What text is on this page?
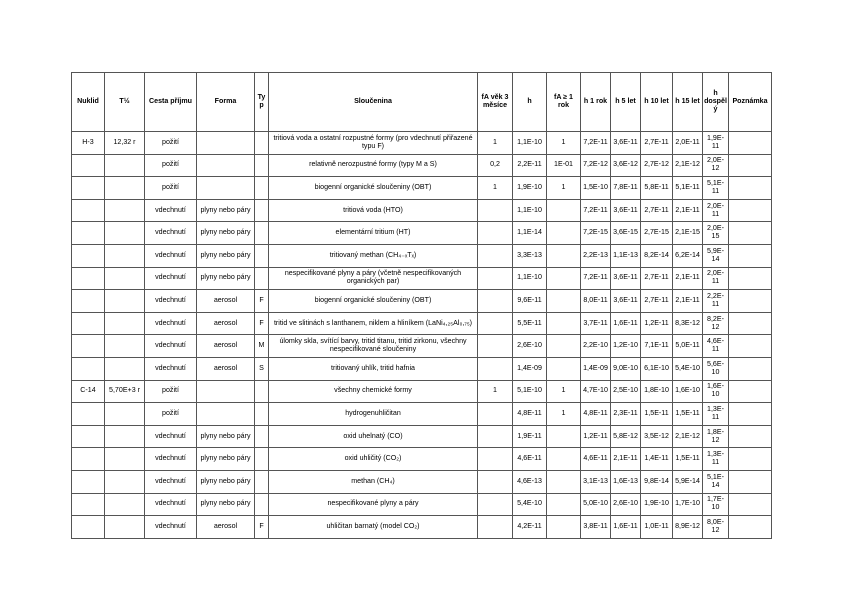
Nuklid	T½	Cesta příjmu	Forma	Typ	Sloučenina	fA věk 3 měsíce	h	fA ≥ 1 rok	h 1 rok	h 5 let	h 10 let	h 15 let	h dospělý	Poznámka
H-3	12,32 r	požití			tritiová voda a ostatní rozpustné formy (pro vdechnutí přiřazené typu F)	1	1,1E-10	1	7,2E-11	3,6E-11	2,7E-11	2,0E-11	1,9E-11	
		požití			relativně nerozpustné formy (typy M a S)	0,2	2,2E-11	1E-01	7,2E-12	3,6E-12	2,7E-12	2,1E-12	2,0E-12	
		požití			biogenní organické sloučeniny (OBT)	1	1,9E-10	1	1,5E-10	7,8E-11	5,8E-11	5,1E-11	5,1E-11	
		vdechnutí	plyny nebo páry		tritiová voda (HTO)		1,1E-10		7,2E-11	3,6E-11	2,7E-11	2,1E-11	2,0E-11	
		vdechnutí	plyny nebo páry		elementární tritium (HT)		1,1E-14		7,2E-15	3,6E-15	2,7E-15	2,1E-15	2,0E-15	
		vdechnutí	plyny nebo páry		tritiovaný methan (CH₄₋ₓTₓ)		3,3E-13		2,2E-13	1,1E-13	8,2E-14	6,2E-14	5,9E-14	
		vdechnutí	plyny nebo páry		nespecifikované plyny a páry (včetně nespecifikovaných organických par)		1,1E-10		7,2E-11	3,6E-11	2,7E-11	2,1E-11	2,0E-11	
		vdechnutí	aerosol	F	biogenní organické sloučeniny (OBT)		9,6E-11		8,0E-11	3,6E-11	2,7E-11	2,1E-11	2,2E-11	
		vdechnutí	aerosol	F	tritid ve slitinách s lanthanem, niklem a hliníkem (LaNi₄,₂₅Al₀,₇₅)		5,5E-11		3,7E-11	1,6E-11	1,2E-11	8,3E-12	8,2E-12	
		vdechnutí	aerosol	M	úlomky skla, svítící barvy, tritid titanu, tritid zirkonu, všechny nespecifikované sloučeniny		2,6E-10		2,2E-10	1,2E-10	7,1E-11	5,0E-11	4,6E-11	
		vdechnutí	aerosol	S	tritiovaný uhlík, tritid hafnia		1,4E-09		1,4E-09	9,0E-10	6,1E-10	5,4E-10	5,6E-10	
C-14	5,70E+3 r	požití			všechny chemické formy	1	5,1E-10	1	4,7E-10	2,5E-10	1,8E-10	1,6E-10	1,6E-10	
		požití			hydrogenuhličitan		4,8E-11	1	4,8E-11	2,3E-11	1,5E-11	1,5E-11	1,3E-11	
		vdechnutí	plyny nebo páry		oxid uhelnatý (CO)		1,9E-11		1,2E-11	5,8E-12	3,5E-12	2,1E-12	1,8E-12	
		vdechnutí	plyny nebo páry		oxid uhličitý (CO₂)		4,6E-11		4,6E-11	2,1E-11	1,4E-11	1,5E-11	1,3E-11	
		vdechnutí	plyny nebo páry		methan (CH₄)		4,6E-13		3,1E-13	1,6E-13	9,8E-14	5,9E-14	5,1E-14	
		vdechnutí	plyny nebo páry		nespecifikované plyny a páry		5,4E-10		5,0E-10	2,6E-10	1,9E-10	1,7E-10	1,7E-10	
		vdechnutí	aerosol	F	uhličitan barnatý (model CO₂)		4,2E-11		3,8E-11	1,6E-11	1,0E-11	8,9E-12	8,0E-12	
